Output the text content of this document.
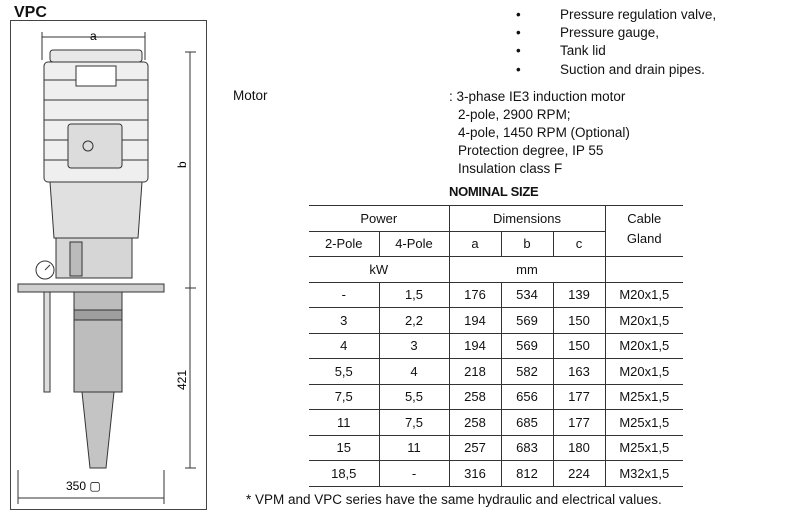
VPC
a
b
421
350 ▢
•	Pressure regulation valve,
•	Pressure gauge,
•	Tank lid
•	Suction and drain pipes.
Motor	: 3-phase IE3 induction motor
2-pole, 2900 RPM;
4-pole, 1450 RPM (Optional)
Protection degree, IP 55
Insulation class F
NOMINAL SIZE
Power		Dimensions			Cable
2-Pole	4-Pole	a	b	c	Gland
kW		mm			
-	1,5	176	534	139	M20x1,5
3	2,2	194	569	150	M20x1,5
4	3	194	569	150	M20x1,5
5,5	4	218	582	163	M20x1,5
7,5	5,5	258	656	177	M25x1,5
11	7,5	258	685	177	M25x1,5
15	11	257	683	180	M25x1,5
18,5	-	316	812	224	M32x1,5
* VPM and VPC series have the same hydraulic and electrical values.
